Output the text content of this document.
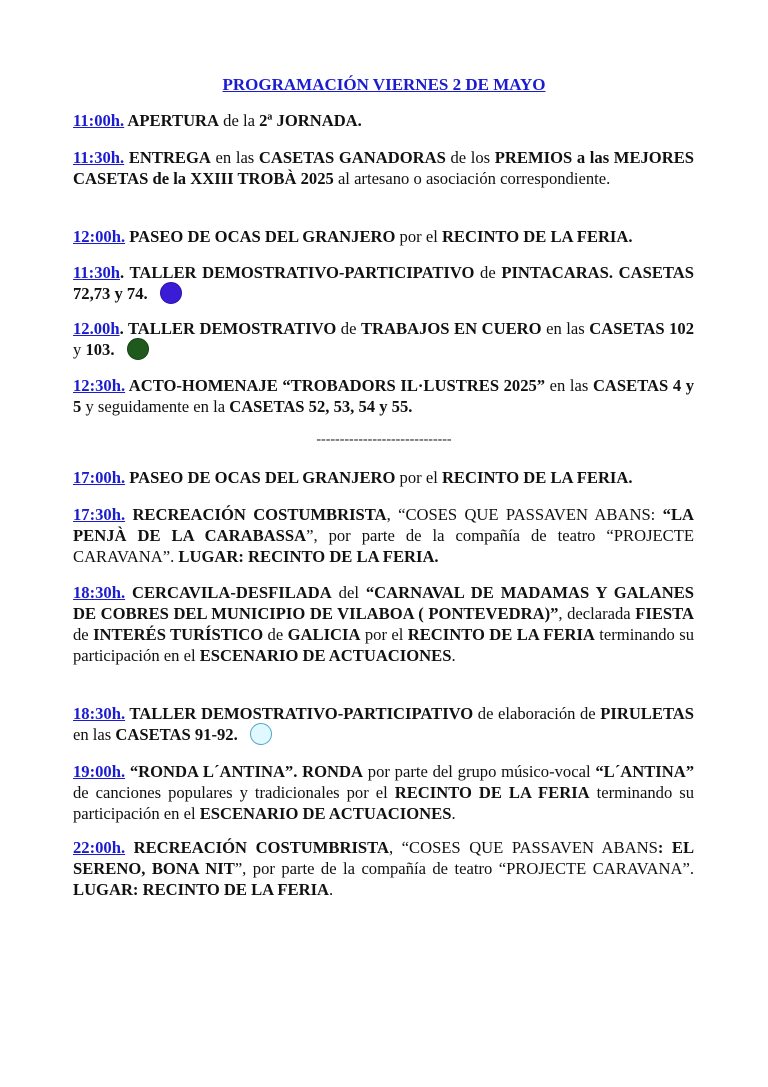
PROGRAMACIÓN VIERNES 2 DE MAYO
11:00h. APERTURA de la 2ª JORNADA.
11:30h. ENTREGA en las CASETAS GANADORAS de los PREMIOS a las MEJORES CASETAS de la XXIII TROBÀ 2025 al artesano o asociación correspondiente.
12:00h. PASEO DE OCAS DEL GRANJERO por el RECINTO DE LA FERIA.
11:30h. TALLER DEMOSTRATIVO-PARTICIPATIVO de PINTACARAS. CASETAS 72,73 y 74.
12.00h. TALLER DEMOSTRATIVO de TRABAJOS EN CUERO en las CASETAS 102 y 103.
12:30h. ACTO-HOMENAJE “TROBADORS IL·LUSTRES 2025” en las CASETAS 4 y 5 y seguidamente en la CASETAS 52, 53, 54 y 55.
-----------------------------
17:00h. PASEO DE OCAS DEL GRANJERO por el RECINTO DE LA FERIA.
17:30h. RECREACIÓN COSTUMBRISTA, “COSES QUE PASSAVEN ABANS: “LA PENJÀ DE LA CARABASSA”, por parte de la compañía de teatro “PROJECTE CARAVANA”. LUGAR: RECINTO DE LA FERIA.
18:30h. CERCAVILA-DESFILADA del “CARNAVAL DE MADAMAS Y GALANES DE COBRES DEL MUNICIPIO DE VILABOA ( PONTEVEDRA)”, declarada FIESTA de INTERÉS TURÍSTICO de GALICIA por el RECINTO DE LA FERIA terminando su participación en el ESCENARIO DE ACTUACIONES.
18:30h. TALLER DEMOSTRATIVO-PARTICIPATIVO de elaboración de PIRULETAS en las CASETAS 91-92.
19:00h. “RONDA L´ANTINA”. RONDA por parte del grupo músico-vocal “L´ANTINA” de canciones populares y tradicionales por el RECINTO DE LA FERIA terminando su participación en el ESCENARIO DE ACTUACIONES.
22:00h. RECREACIÓN COSTUMBRISTA, “COSES QUE PASSAVEN ABANS: EL SERENO, BONA NIT”, por parte de la compañía de teatro “PROJECTE CARAVANA”. LUGAR: RECINTO DE LA FERIA.
